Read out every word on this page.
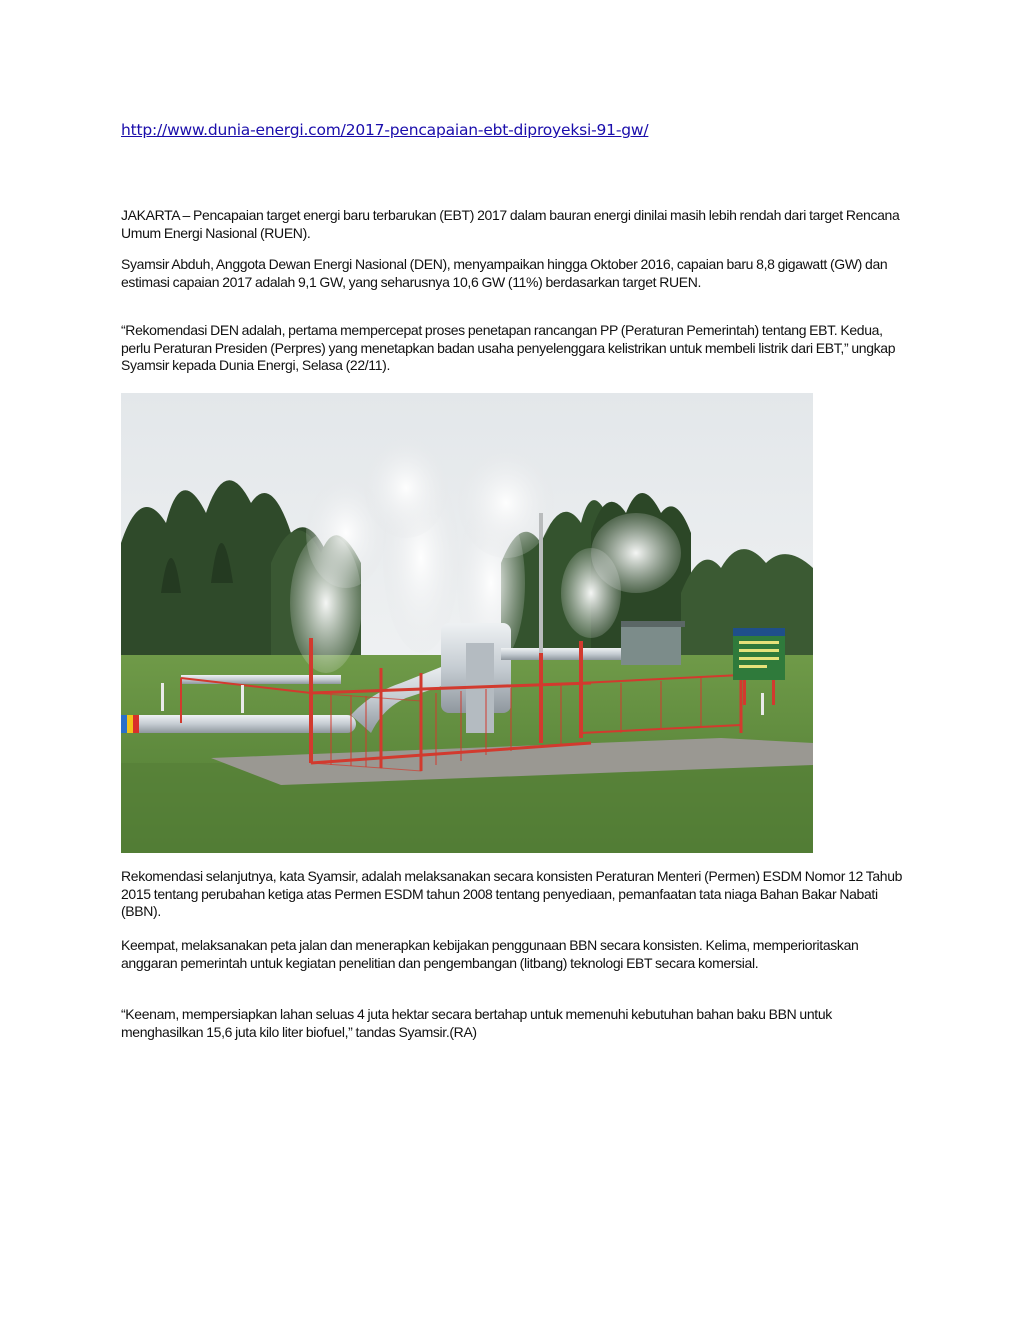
http://www.dunia-energi.com/2017-pencapaian-ebt-diproyeksi-91-gw/

JAKARTA – Pencapaian target energi baru terbarukan (EBT) 2017 dalam bauran energi dinilai masih lebih rendah dari target Rencana Umum Energi Nasional (RUEN).

Syamsir Abduh, Anggota Dewan Energi Nasional (DEN), menyampaikan hingga Oktober 2016, capaian baru 8,8 gigawatt (GW) dan estimasi capaian 2017 adalah 9,1 GW, yang seharusnya 10,6 GW (11%) berdasarkan target RUEN.

“Rekomendasi DEN adalah, pertama mempercepat proses penetapan rancangan PP (Peraturan Pemerintah) tentang EBT. Kedua, perlu Peraturan Presiden (Perpres) yang menetapkan badan usaha penyelenggara kelistrikan untuk membeli listrik dari EBT,” ungkap Syamsir kepada Dunia Energi, Selasa (22/11).

Rekomendasi selanjutnya, kata Syamsir, adalah melaksanakan secara konsisten Peraturan Menteri (Permen) ESDM Nomor 12 Tahub 2015 tentang perubahan ketiga atas Permen ESDM tahun 2008 tentang penyediaan, pemanfaatan tata niaga Bahan Bakar Nabati (BBN).

Keempat, melaksanakan peta jalan dan menerapkan kebijakan penggunaan BBN secara konsisten. Kelima, memperioritaskan anggaran pemerintah untuk kegiatan penelitian dan pengembangan (litbang) teknologi EBT secara komersial.

“Keenam, mempersiapkan lahan seluas 4 juta hektar secara bertahap untuk memenuhi kebutuhan bahan baku BBN untuk menghasilkan 15,6 juta kilo liter biofuel,” tandas Syamsir.(RA)
